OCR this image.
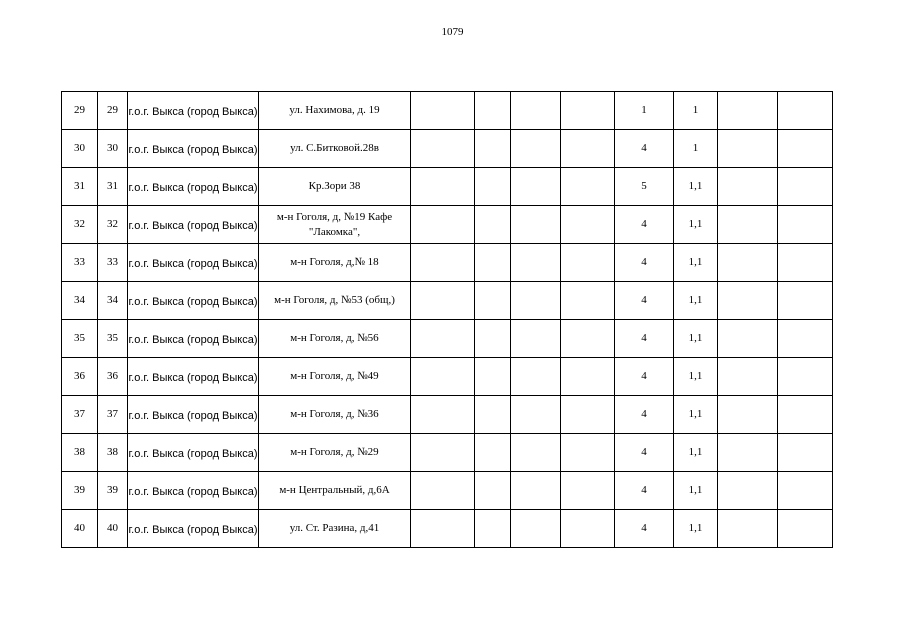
1079
29	29	г.о.г. Выкса (город Выкса)	ул. Нахимова, д. 19					1	1		
30	30	г.о.г. Выкса (город Выкса)	ул. С.Битковой.28в					4	1		
31	31	г.о.г. Выкса (город Выкса)	Кр.Зори 38					5	1,1		
32	32	г.о.г. Выкса (город Выкса)	м-н Гоголя, д, №19 Кафе "Лакомка",					4	1,1		
33	33	г.о.г. Выкса (город Выкса)	м-н Гоголя, д,№ 18					4	1,1		
34	34	г.о.г. Выкса (город Выкса)	м-н Гоголя, д, №53 (общ,)					4	1,1		
35	35	г.о.г. Выкса (город Выкса)	м-н Гоголя, д, №56					4	1,1		
36	36	г.о.г. Выкса (город Выкса)	м-н Гоголя, д, №49					4	1,1		
37	37	г.о.г. Выкса (город Выкса)	м-н Гоголя, д, №36					4	1,1		
38	38	г.о.г. Выкса (город Выкса)	м-н Гоголя, д, №29					4	1,1		
39	39	г.о.г. Выкса (город Выкса)	м-н Центральный, д,6А					4	1,1		
40	40	г.о.г. Выкса (город Выкса)	ул. Ст. Разина, д,41					4	1,1		
